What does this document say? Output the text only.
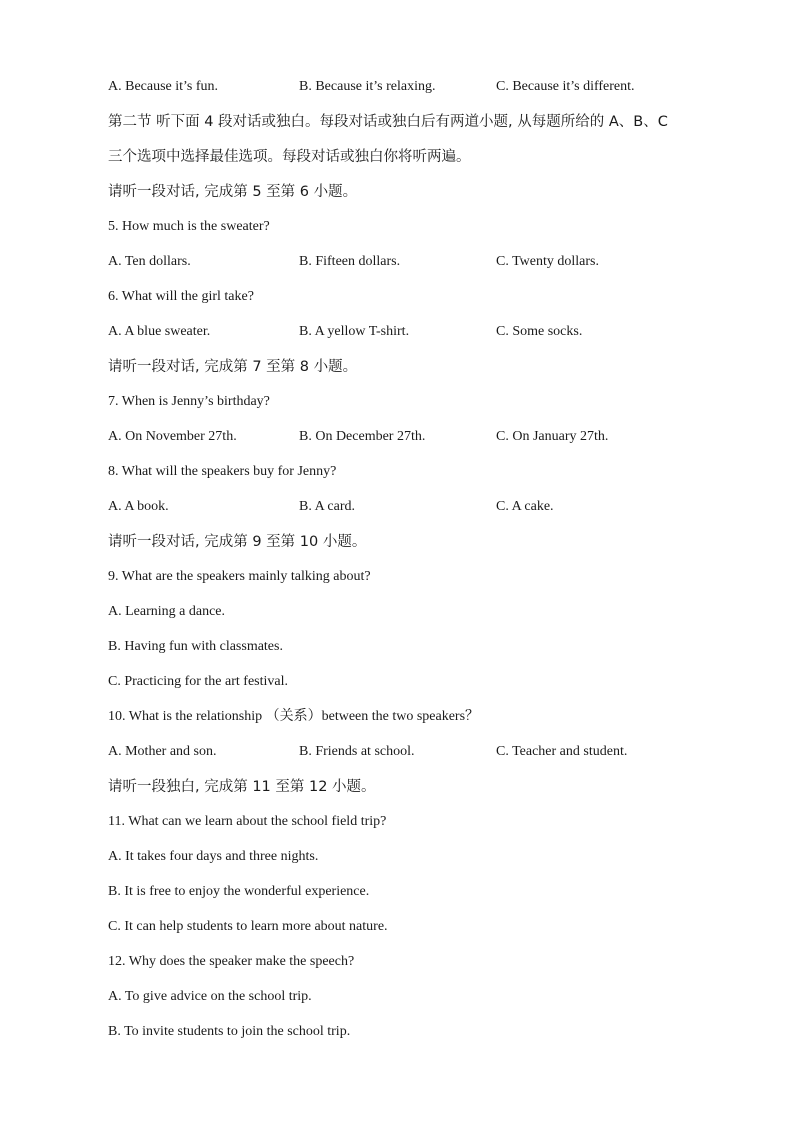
A. Because it’s fun.	B. Because it’s relaxing.	C. Because it’s different.
第二节 听下面 4 段对话或独白。每段对话或独白后有两道小题, 从每题所给的 A、B、C
三个选项中选择最佳选项。每段对话或独白你将听两遍。
请听一段对话, 完成第 5 至第 6 小题。
5. How much is the sweater?
A. Ten dollars.	B. Fifteen dollars.	C. Twenty dollars.
6. What will the girl take?
A. A blue sweater.	B. A yellow T-shirt.	C. Some socks.
请听一段对话, 完成第 7 至第 8 小题。
7. When is Jenny’s birthday?
A. On November 27th.	B. On December 27th.	C. On January 27th.
8. What will the speakers buy for Jenny?
A. A book.	B. A card.	C. A cake.
请听一段对话, 完成第 9 至第 10 小题。
9. What are the speakers mainly talking about?
A. Learning a dance.
B. Having fun with classmates.
C. Practicing for the art festival.
10. What is the relationship （关系）between the two speakers？
A. Mother and son.	B. Friends at school.	C. Teacher and student.
请听一段独白, 完成第 11 至第 12 小题。
11. What can we learn about the school field trip?
A. It takes four days and three nights.
B. It is free to enjoy the wonderful experience.
C. It can help students to learn more about nature.
12. Why does the speaker make the speech?
A. To give advice on the school trip.
B. To invite students to join the school trip.
